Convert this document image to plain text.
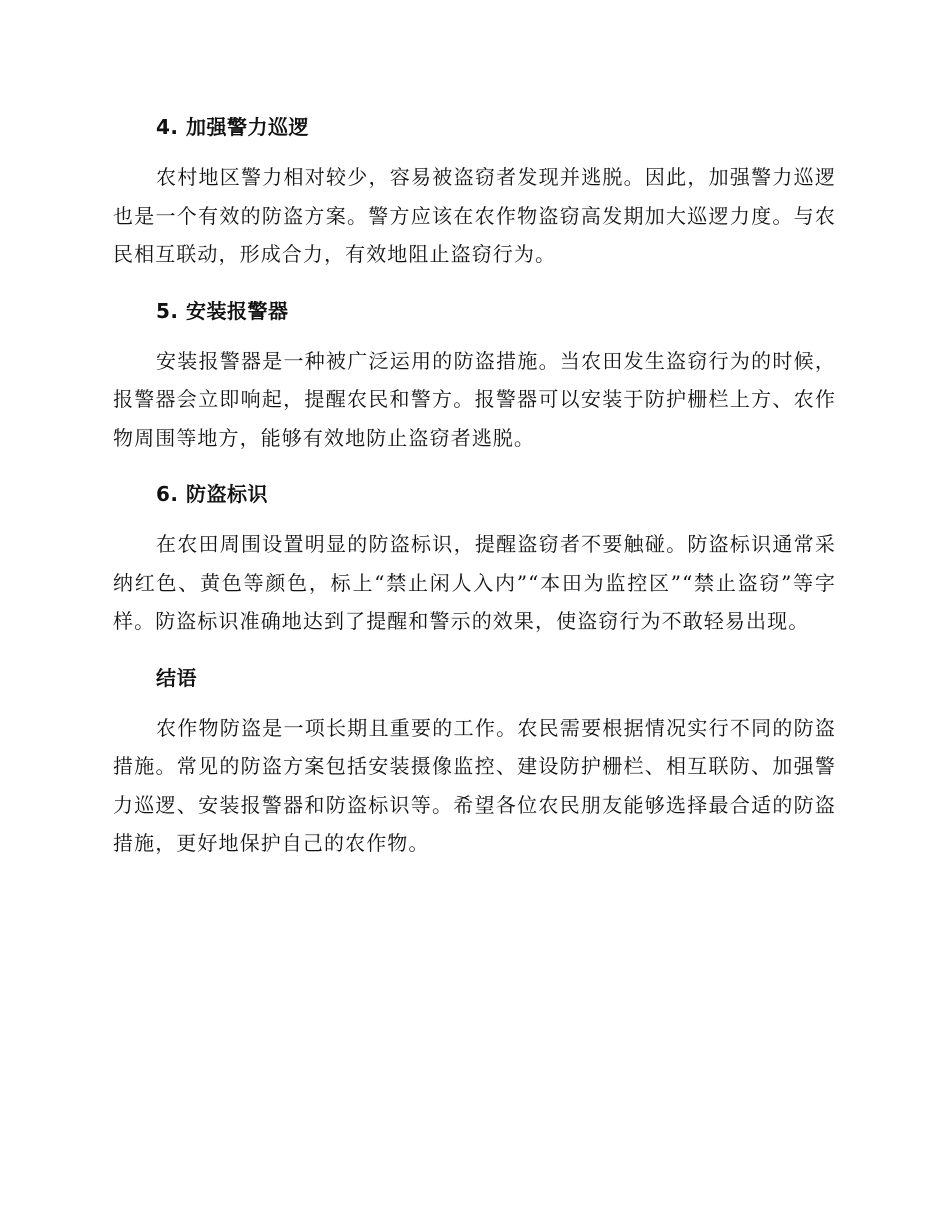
4. 加强警力巡逻
农村地区警力相对较少，容易被盗窃者发现并逃脱。因此，加强警力巡逻也是一个有效的防盗方案。警方应该在农作物盗窃高发期加大巡逻力度。与农民相互联动，形成合力，有效地阻止盗窃行为。
5. 安装报警器
安装报警器是一种被广泛运用的防盗措施。当农田发生盗窃行为的时候，报警器会立即响起，提醒农民和警方。报警器可以安装于防护栅栏上方、农作物周围等地方，能够有效地防止盗窃者逃脱。
6. 防盗标识
在农田周围设置明显的防盗标识，提醒盗窃者不要触碰。防盗标识通常采纳红色、黄色等颜色，标上“禁止闲人入内”“本田为监控区”“禁止盗窃”等字样。防盗标识准确地达到了提醒和警示的效果，使盗窃行为不敢轻易出现。
结语
农作物防盗是一项长期且重要的工作。农民需要根据情况实行不同的防盗措施。常见的防盗方案包括安装摄像监控、建设防护栅栏、相互联防、加强警力巡逻、安装报警器和防盗标识等。希望各位农民朋友能够选择最合适的防盗措施，更好地保护自己的农作物。
